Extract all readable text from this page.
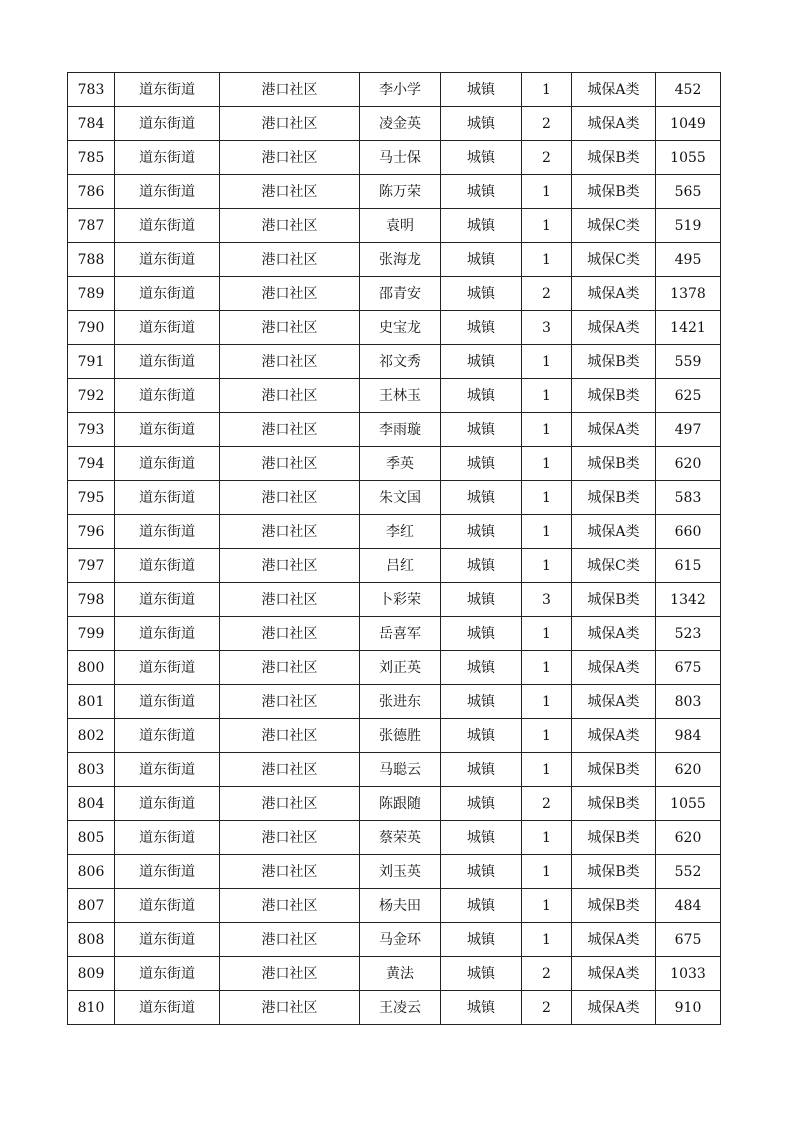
783	道东街道	港口社区	李小学	城镇	1	城保A类	452
784	道东街道	港口社区	凌金英	城镇	2	城保A类	1049
785	道东街道	港口社区	马士保	城镇	2	城保B类	1055
786	道东街道	港口社区	陈万荣	城镇	1	城保B类	565
787	道东街道	港口社区	袁明	城镇	1	城保C类	519
788	道东街道	港口社区	张海龙	城镇	1	城保C类	495
789	道东街道	港口社区	邵青安	城镇	2	城保A类	1378
790	道东街道	港口社区	史宝龙	城镇	3	城保A类	1421
791	道东街道	港口社区	祁文秀	城镇	1	城保B类	559
792	道东街道	港口社区	王林玉	城镇	1	城保B类	625
793	道东街道	港口社区	李雨璇	城镇	1	城保A类	497
794	道东街道	港口社区	季英	城镇	1	城保B类	620
795	道东街道	港口社区	朱文国	城镇	1	城保B类	583
796	道东街道	港口社区	李红	城镇	1	城保A类	660
797	道东街道	港口社区	吕红	城镇	1	城保C类	615
798	道东街道	港口社区	卜彩荣	城镇	3	城保B类	1342
799	道东街道	港口社区	岳喜军	城镇	1	城保A类	523
800	道东街道	港口社区	刘正英	城镇	1	城保A类	675
801	道东街道	港口社区	张进东	城镇	1	城保A类	803
802	道东街道	港口社区	张德胜	城镇	1	城保A类	984
803	道东街道	港口社区	马聪云	城镇	1	城保B类	620
804	道东街道	港口社区	陈跟随	城镇	2	城保B类	1055
805	道东街道	港口社区	蔡荣英	城镇	1	城保B类	620
806	道东街道	港口社区	刘玉英	城镇	1	城保B类	552
807	道东街道	港口社区	杨夫田	城镇	1	城保B类	484
808	道东街道	港口社区	马金环	城镇	1	城保A类	675
809	道东街道	港口社区	黄法	城镇	2	城保A类	1033
810	道东街道	港口社区	王凌云	城镇	2	城保A类	910
